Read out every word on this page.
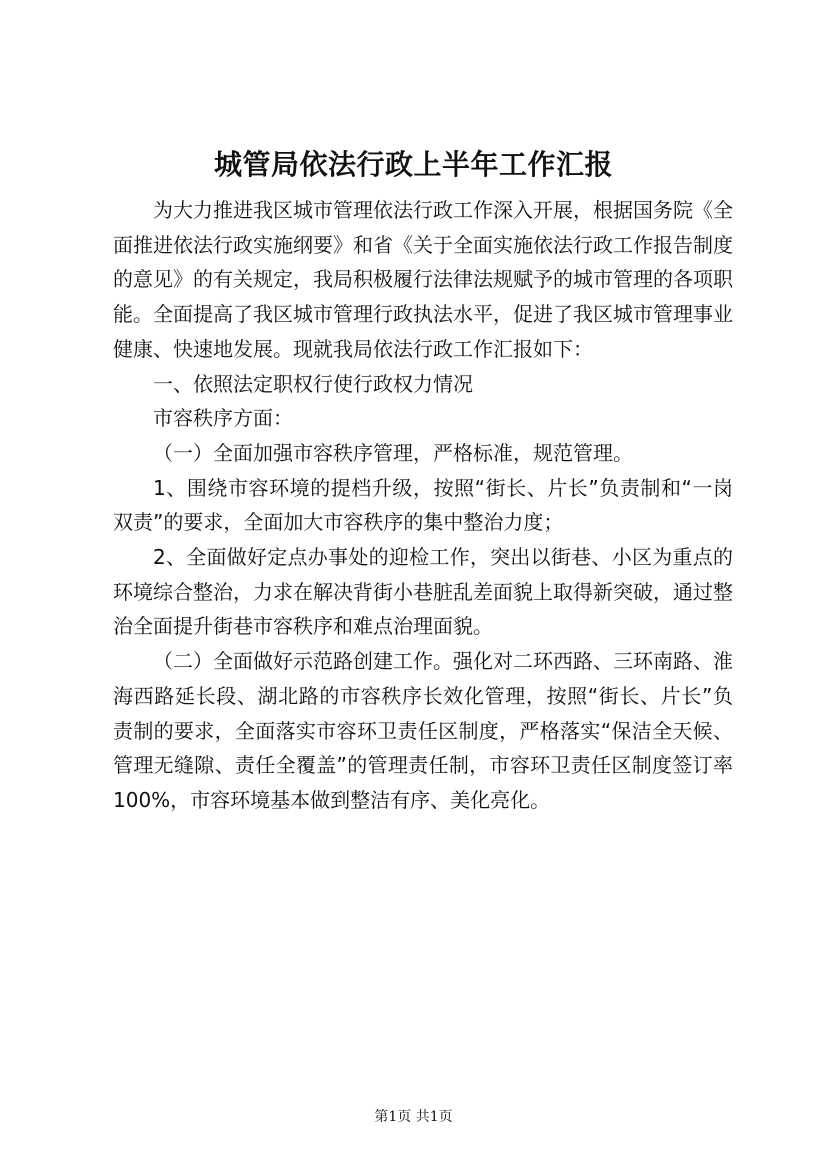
城管局依法行政上半年工作汇报

为大力推进我区城市管理依法行政工作深入开展，根据国务院《全面推进依法行政实施纲要》和省《关于全面实施依法行政工作报告制度的意见》的有关规定，我局积极履行法律法规赋予的城市管理的各项职能。全面提高了我区城市管理行政执法水平，促进了我区城市管理事业健康、快速地发展。现就我局依法行政工作汇报如下：

一、依照法定职权行使行政权力情况

市容秩序方面：

（一）全面加强市容秩序管理，严格标准，规范管理。

1、围绕市容环境的提档升级，按照“街长、片长”负责制和“一岗双责”的要求，全面加大市容秩序的集中整治力度；

2、全面做好定点办事处的迎检工作，突出以街巷、小区为重点的环境综合整治，力求在解决背街小巷脏乱差面貌上取得新突破，通过整治全面提升街巷市容秩序和难点治理面貌。

（二）全面做好示范路创建工作。强化对二环西路、三环南路、淮海西路延长段、湖北路的市容秩序长效化管理，按照“街长、片长”负责制的要求，全面落实市容环卫责任区制度，严格落实“保洁全天候、管理无缝隙、责任全覆盖”的管理责任制，市容环卫责任区制度签订率100%，市容环境基本做到整洁有序、美化亮化。

第1页 共1页
